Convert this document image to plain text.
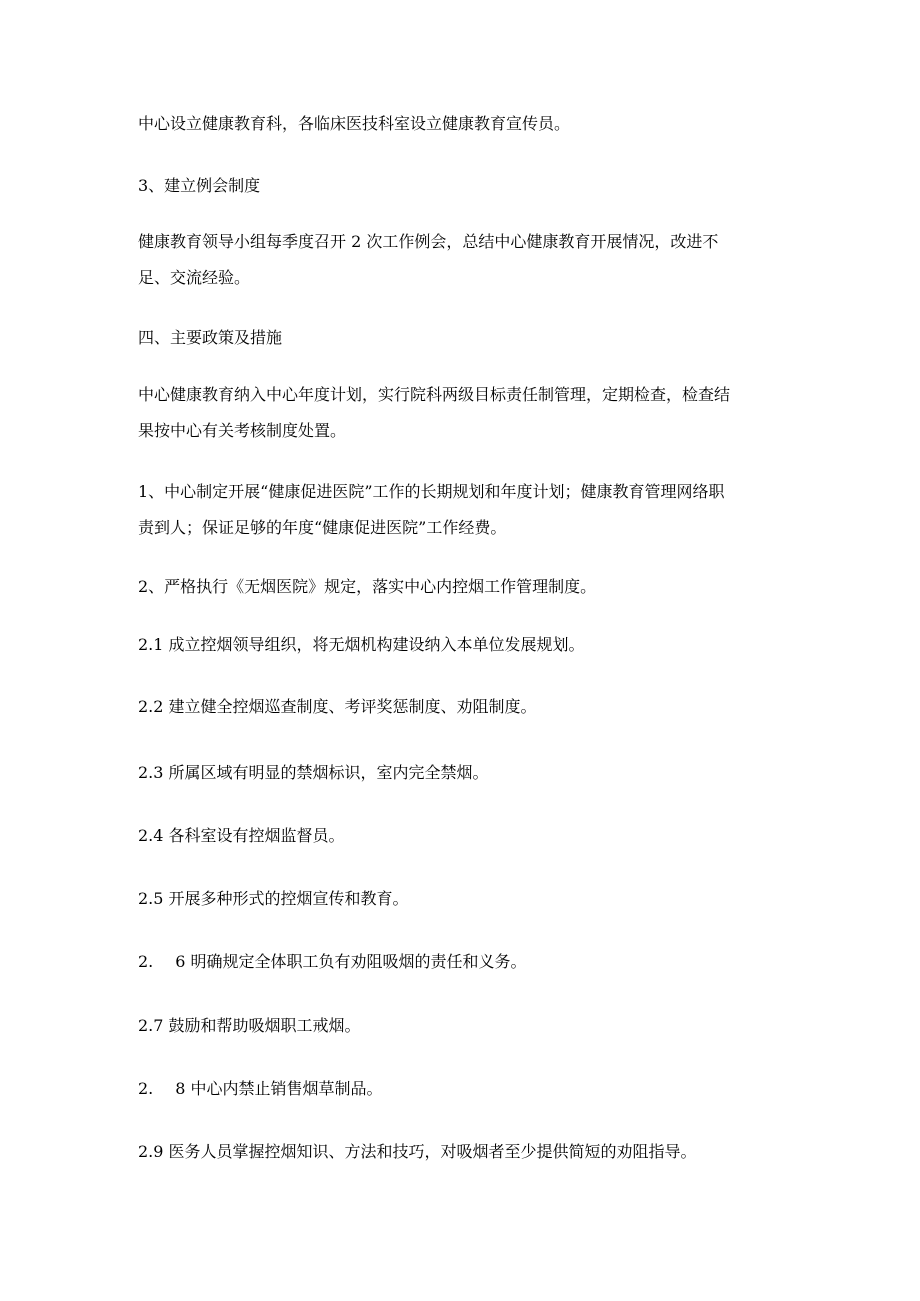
中心设立健康教育科，各临床医技科室设立健康教育宣传员。

3、建立例会制度

健康教育领导小组每季度召开 2 次工作例会，总结中心健康教育开展情况，改进不
足、交流经验。

四、主要政策及措施

中心健康教育纳入中心年度计划，实行院科两级目标责任制管理，定期检查，检查结
果按中心有关考核制度处置。

1、中心制定开展“健康促进医院”工作的长期规划和年度计划；健康教育管理网络职
责到人；保证足够的年度“健康促进医院”工作经费。

2、严格执行《无烟医院》规定，落实中心内控烟工作管理制度。

2.1 成立控烟领导组织，将无烟机构建设纳入本单位发展规划。

2.2 建立健全控烟巡查制度、考评奖惩制度、劝阻制度。

2.3 所属区域有明显的禁烟标识，室内完全禁烟。

2.4 各科室设有控烟监督员。

2.5 开展多种形式的控烟宣传和教育。

2. 6 明确规定全体职工负有劝阻吸烟的责任和义务。

2.7 鼓励和帮助吸烟职工戒烟。

2. 8 中心内禁止销售烟草制品。

2.9 医务人员掌握控烟知识、方法和技巧，对吸烟者至少提供简短的劝阻指导。
